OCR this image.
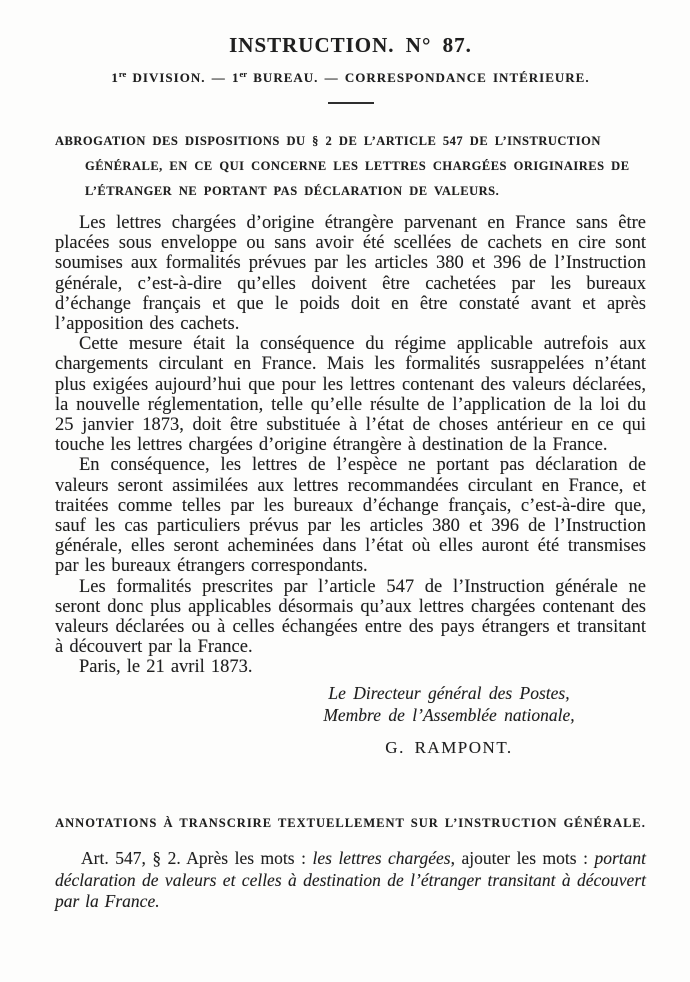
INSTRUCTION. N° 87.
1re DIVISION. — 1er BUREAU. — CORRESPONDANCE INTÉRIEURE.
ABROGATION DES DISPOSITIONS DU § 2 DE L’ARTICLE 547 DE L’INSTRUCTION GÉNÉRALE, EN CE QUI CONCERNE LES LETTRES CHARGÉES ORIGINAIRES DE L’ÉTRANGER NE PORTANT PAS DÉCLARATION DE VALEURS.

Les lettres chargées d’origine étrangère parvenant en France sans être placées sous enveloppe ou sans avoir été scellées de cachets en cire sont soumises aux formalités prévues par les articles 380 et 396 de l’Instruction générale, c’est-à-dire qu’elles doivent être cachetées par les bureaux d’échange français et que le poids doit en être constaté avant et après l’apposition des cachets.

Cette mesure était la conséquence du régime applicable autrefois aux chargements circulant en France. Mais les formalités susrappelées n’étant plus exigées aujourd’hui que pour les lettres contenant des valeurs déclarées, la nouvelle réglementation, telle qu’elle résulte de l’application de la loi du 25 janvier 1873, doit être substituée à l’état de choses antérieur en ce qui touche les lettres chargées d’origine étrangère à destination de la France.

En conséquence, les lettres de l’espèce ne portant pas déclaration de valeurs seront assimilées aux lettres recommandées circulant en France, et traitées comme telles par les bureaux d’échange français, c’est-à-dire que, sauf les cas particuliers prévus par les articles 380 et 396 de l’Instruction générale, elles seront acheminées dans l’état où elles auront été transmises par les bureaux étrangers correspondants.

Les formalités prescrites par l’article 547 de l’Instruction générale ne seront donc plus applicables désormais qu’aux lettres chargées contenant des valeurs déclarées ou à celles échangées entre des pays étrangers et transitant à découvert par la France.

Paris, le 21 avril 1873.

Le Directeur général des Postes,
Membre de l’Assemblée nationale,
G. RAMPONT.
ANNOTATIONS À TRANSCRIRE TEXTUELLEMENT SUR L’INSTRUCTION GÉNÉRALE.

Art. 547, § 2. Après les mots : les lettres chargées, ajouter les mots : portant déclaration de valeurs et celles à destination de l’étranger transitant à découvert par la France.
